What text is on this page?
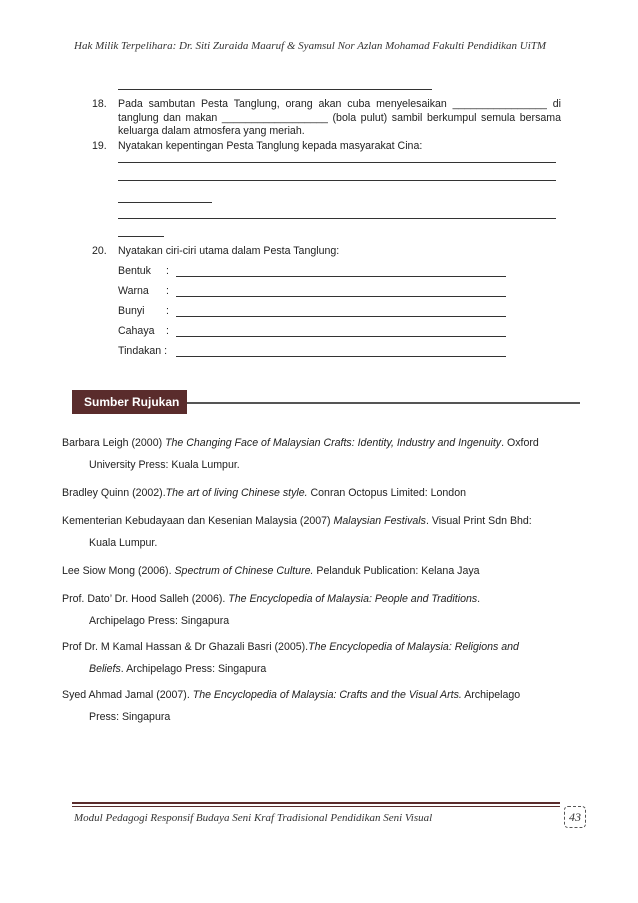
Hak Milik Terpelihara: Dr. Siti Zuraida Maaruf & Syamsul Nor Azlan Mohamad Fakulti Pendidikan UiTM
18.	Pada sambutan Pesta Tanglung, orang akan cuba menyelesaikan ________________ di tanglung dan makan __________________ (bola pulut) sambil berkumpul semula bersama keluarga dalam atmosfera yang meriah.
19.	Nyatakan kepentingan Pesta Tanglung kepada masyarakat Cina:
20.	Nyatakan ciri-ciri utama dalam Pesta Tanglung:
Bentuk :
Warna :
Bunyi :
Cahaya :
Tindakan :
Sumber Rujukan
Barbara Leigh (2000) The Changing Face of Malaysian Crafts: Identity, Industry and Ingenuity. Oxford
University Press: Kuala Lumpur.
Bradley Quinn (2002).The art of living Chinese style. Conran Octopus Limited: London
Kementerian Kebudayaan dan Kesenian Malaysia (2007) Malaysian Festivals. Visual Print Sdn Bhd:
Kuala Lumpur.
Lee Siow Mong (2006). Spectrum of Chinese Culture. Pelanduk Publication: Kelana Jaya
Prof. Dato’ Dr. Hood Salleh (2006). The Encyclopedia of Malaysia: People and Traditions.
Archipelago Press: Singapura
Prof Dr. M Kamal Hassan & Dr Ghazali Basri (2005).The Encyclopedia of Malaysia: Religions and
Beliefs. Archipelago Press: Singapura
Syed Ahmad Jamal (2007). The Encyclopedia of Malaysia: Crafts and the Visual Arts. Archipelago
Press: Singapura
Modul Pedagogi Responsif Budaya Seni Kraf Tradisional Pendidikan Seni Visual	43
